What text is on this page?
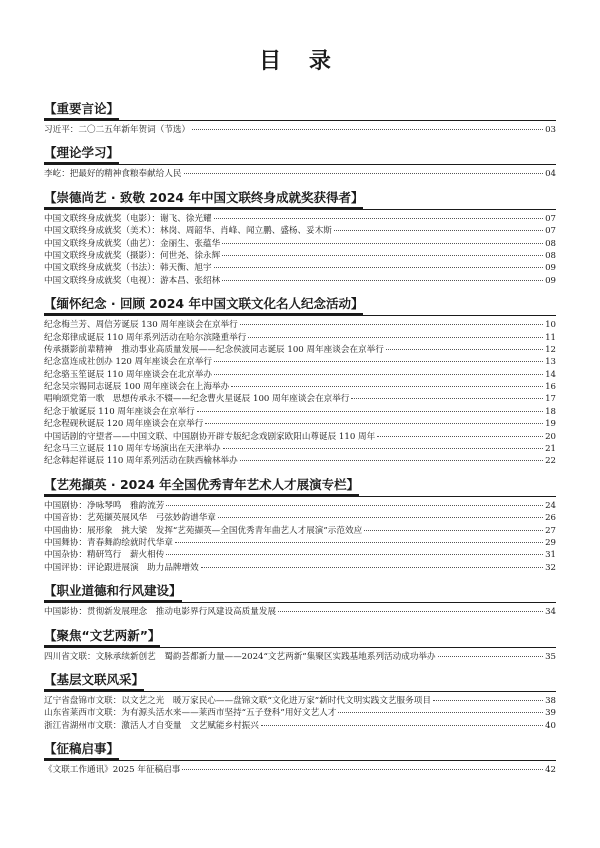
目 录
【重要言论】
习近平：二〇二五年新年贺词（节选）	03
【理论学习】
李屹：把最好的精神食粮奉献给人民	04
【崇德尚艺 · 致敬 2024 年中国文联终身成就奖获得者】
中国文联终身成就奖（电影）：谢飞、徐光耀	07
中国文联终身成就奖（美术）：林岗、周韶华、肖峰、闻立鹏、盛杨、妥木斯	07
中国文联终身成就奖（曲艺）：金丽生、张蕴华	08
中国文联终身成就奖（摄影）：何世尧、徐永辉	08
中国文联终身成就奖（书法）：韩天衡、旭宇	09
中国文联终身成就奖（电视）：游本昌、张绍林	09
【缅怀纪念 · 回顾 2024 年中国文联文化名人纪念活动】
纪念梅兰芳、周信芳诞辰 130 周年座谈会在京举行	10
纪念郑律成诞辰 110 周年系列活动在哈尔滨隆重举行	11
传承摄影前辈精神　推动事业高质量发展——纪念侯波同志诞辰 100 周年座谈会在京举行	12
纪念富连成社创办 120 周年座谈会在京举行	13
纪念骆玉笙诞辰 110 周年座谈会在北京举办	14
纪念吴宗锡同志诞辰 100 周年座谈会在上海举办	16
唱响颂党第一歌　思想传承永不辍——纪念曹火星诞辰 100 周年座谈会在京举行	17
纪念于敏诞辰 110 周年座谈会在京举行	18
纪念程砚秋诞辰 120 周年座谈会在京举行	19
中国话剧的守望者——中国文联、中国剧协开辟专版纪念戏剧家欧阳山尊诞辰 110 周年	20
纪念马三立诞辰 110 周年专场演出在天津举办	21
纪念韩起祥诞辰 110 周年系列活动在陕西榆林举办	22
【艺苑擷英 · 2024 年全国优秀青年艺术人才展演专栏】
中国剧协：净咏琴鸣　雅韵流芳	24
中国音协：艺苑撷英展风华　弓弦妙韵谱华章	26
中国曲协：展形象　挑大梁　发挥“艺苑撷英—全国优秀青年曲艺人才展演”示范效应	27
中国舞协：青春舞韵绘就时代华章	29
中国杂协：精研笃行　薪火相传	31
中国评协：评论跟进展演　助力品牌增效	32
【职业道德和行风建设】
中国影协：贯彻新发展理念　推动电影界行风建设高质量发展	34
【聚焦“文艺两新”】
四川省文联：文脉承续新创艺　蜀韵荟都新力量——2024“文艺两新”集聚区实践基地系列活动成功举办	35
【基层文联风采】
辽宁省盘锦市文联：以文艺之光　暖万家民心——盘锦文联“文化进万家”新时代文明实践文艺服务项目	38
山东省莱西市文联：为有源头活水来——莱西市坚持“五子登科”用好文艺人才	39
浙江省湖州市文联：激活人才自变量　文艺赋能乡村振兴	40
【征稿启事】
《文联工作通讯》2025 年征稿启事	42
